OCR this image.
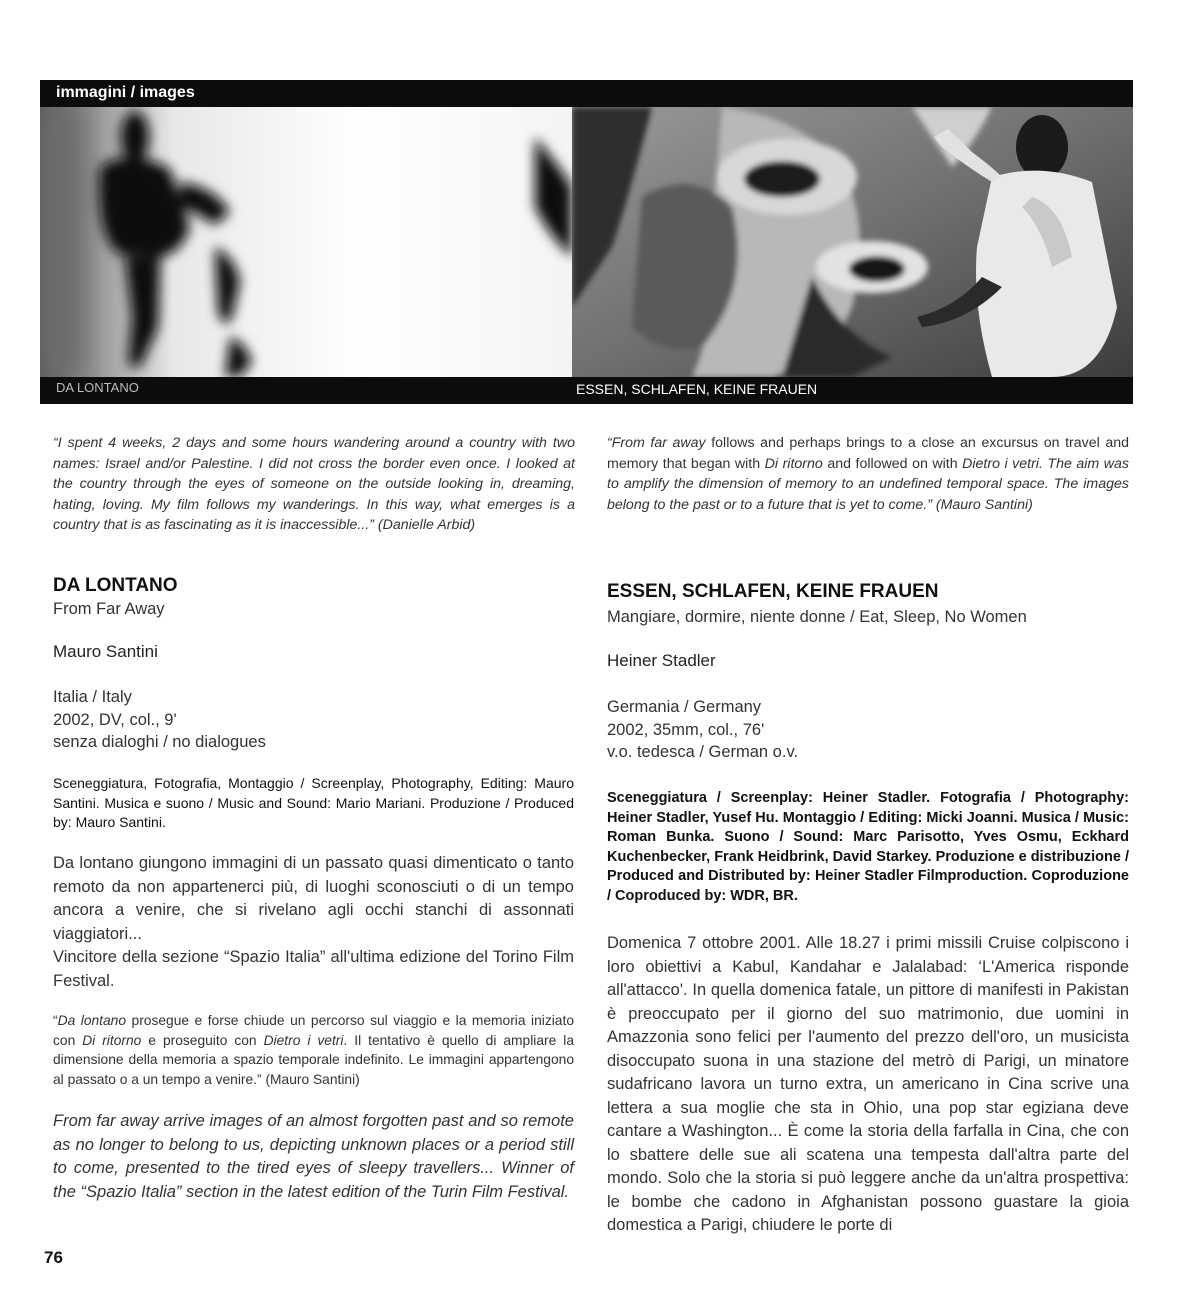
immagini / images
DA LONTANO	ESSEN, SCHLAFEN, KEINE FRAUEN
“I spent 4 weeks, 2 days and some hours wandering around a country with two names: Israel and/or Palestine. I did not cross the border even once. I looked at the country through the eyes of someone on the outside looking in, dreaming, hating, loving. My film follows my wanderings. In this way, what emerges is a country that is as fascinating as it is inaccessible...” (Danielle Arbid)
“From far away follows and perhaps brings to a close an excursus on travel and memory that began with Di ritorno and followed on with Dietro i vetri. The aim was to amplify the dimension of memory to an undefined temporal space. The images belong to the past or to a future that is yet to come.” (Mauro Santini)
DA LONTANO
From Far Away
Mauro Santini
Italia / Italy
2002, DV, col., 9'
senza dialoghi / no dialogues
Sceneggiatura, Fotografia, Montaggio / Screenplay, Photography, Editing: Mauro Santini. Musica e suono / Music and Sound: Mario Mariani. Produzione / Produced by: Mauro Santini.

Da lontano giungono immagini di un passato quasi dimenticato o tanto remoto da non appartenerci più, di luoghi sconosciuti o di un tempo ancora a venire, che si rivelano agli occhi stanchi di assonnati viaggiatori...

Vincitore della sezione “Spazio Italia” all'ultima edizione del Torino Film Festival.

“Da lontano prosegue e forse chiude un percorso sul viaggio e la memoria iniziato con Di ritorno e proseguito con Dietro i vetri. Il tentativo è quello di ampliare la dimensione della memoria a spazio temporale indefinito. Le immagini appartengono al passato o a un tempo a venire.” (Mauro Santini)
From far away arrive images of an almost forgotten past and so remote as no longer to belong to us, depicting unknown places or a period still to come, presented to the tired eyes of sleepy travellers... Winner of the “Spazio Italia” section in the latest edition of the Turin Film Festival.
ESSEN, SCHLAFEN, KEINE FRAUEN
Mangiare, dormire, niente donne / Eat, Sleep, No Women
Heiner Stadler
Germania / Germany
2002, 35mm, col., 76'
v.o. tedesca / German o.v.
Sceneggiatura / Screenplay: Heiner Stadler. Fotografia / Photography: Heiner Stadler, Yusef Hu. Montaggio / Editing: Micki Joanni. Musica / Music: Roman Bunka. Suono / Sound: Marc Parisotto, Yves Osmu, Eckhard Kuchenbecker, Frank Heidbrink, David Starkey. Produzione e distribuzione / Produced and Distributed by: Heiner Stadler Filmproduction. Coproduzione / Coproduced by: WDR, BR.
Domenica 7 ottobre 2001. Alle 18.27 i primi missili Cruise colpiscono i loro obiettivi a Kabul, Kandahar e Jalalabad: ‘L'America risponde all'attacco'. In quella domenica fatale, un pittore di manifesti in Pakistan è preoccupato per il giorno del suo matrimonio, due uomini in Amazzonia sono felici per l'aumento del prezzo dell'oro, un musicista disoccupato suona in una stazione del metrò di Parigi, un minatore sudafricano lavora un turno extra, un americano in Cina scrive una lettera a sua moglie che sta in Ohio, una pop star egiziana deve cantare a Washington... È come la storia della farfalla in Cina, che con lo sbattere delle sue ali scatena una tempesta dall'altra parte del mondo. Solo che la storia si può leggere anche da un'altra prospettiva: le bombe che cadono in Afghanistan possono guastare la gioia domestica a Parigi, chiudere le porte di
76
